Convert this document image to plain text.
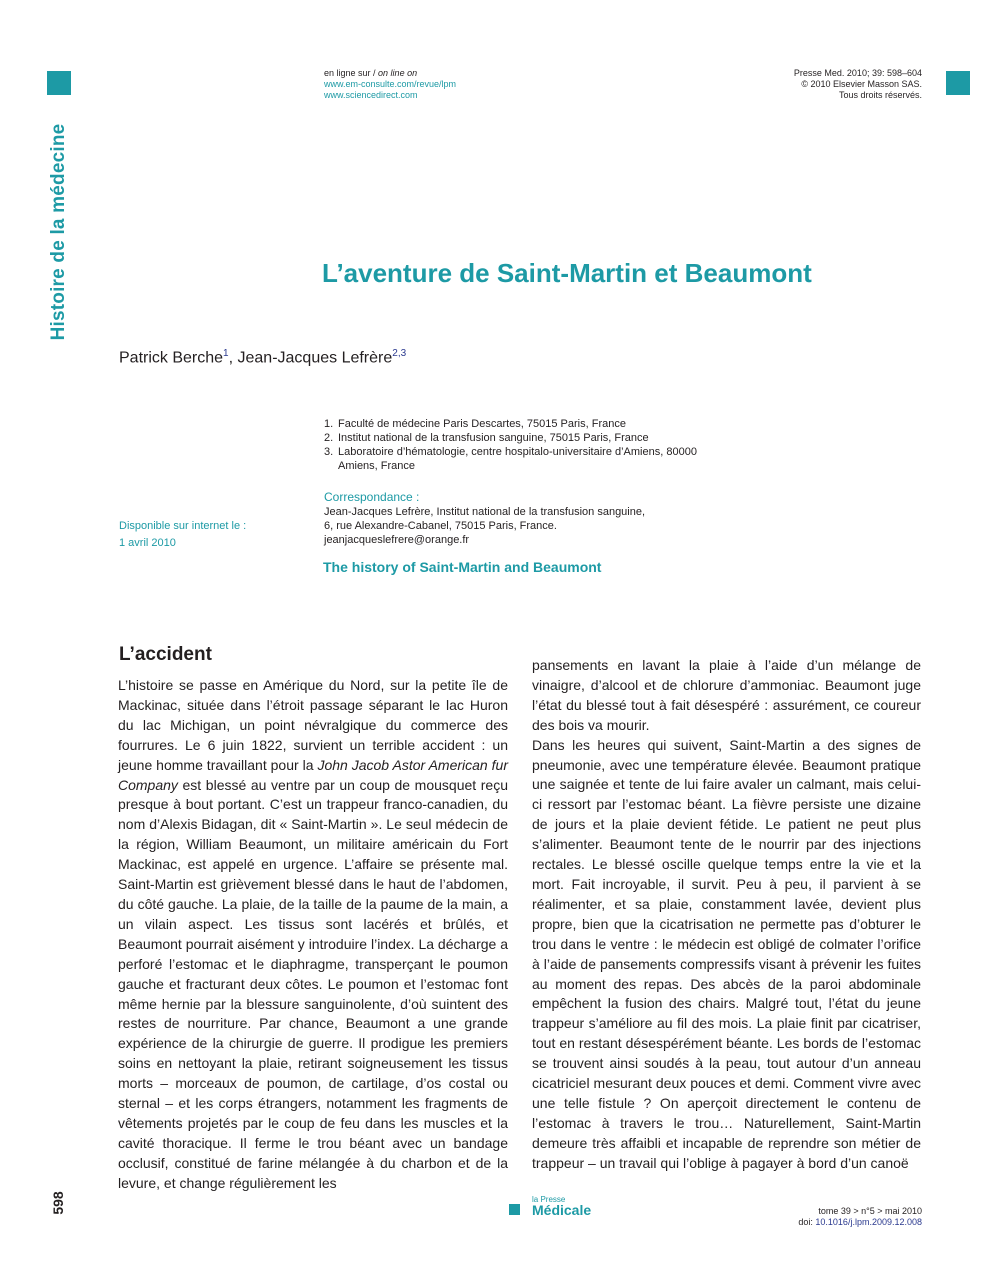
Histoire de la médecine
en ligne sur / on line on
www.em-consulte.com/revue/lpm
www.sciencedirect.com
Presse Med. 2010; 39: 598–604
© 2010 Elsevier Masson SAS.
Tous droits réservés.
L’aventure de Saint-Martin et Beaumont
Patrick Berche$^1$, Jean-Jacques Lefrère$^{2,3}$
1. Faculté de médecine Paris Descartes, 75015 Paris, France
2. Institut national de la transfusion sanguine, 75015 Paris, France
3. Laboratoire d’hématologie, centre hospitalo-universitaire d’Amiens, 80000 Amiens, France
Correspondance :
Jean-Jacques Lefrère, Institut national de la transfusion sanguine,
6, rue Alexandre-Cabanel, 75015 Paris, France.
jeanjacqueslefrere@orange.fr
Disponible sur internet le :
1 avril 2010
The history of Saint-Martin and Beaumont
L’accident

L’histoire se passe en Amérique du Nord, sur la petite île de Mackinac, située dans l’étroit passage séparant le lac Huron du lac Michigan, un point névralgique du commerce des fourrures. Le 6 juin 1822, survient un terrible accident : un jeune homme travaillant pour la John Jacob Astor American fur Company est blessé au ventre par un coup de mousquet reçu presque à bout portant. C’est un trappeur franco-canadien, du nom d’Alexis Bidagan, dit « Saint-Martin ». Le seul médecin de la région, William Beaumont, un militaire américain du Fort Mackinac, est appelé en urgence. L’affaire se présente mal. Saint-Martin est grièvement blessé dans le haut de l’abdomen, du côté gauche. La plaie, de la taille de la paume de la main, a un vilain aspect. Les tissus sont lacérés et brûlés, et Beaumont pourrait aisément y introduire l’index. La décharge a perforé l’estomac et le diaphragme, transperçant le poumon gauche et fracturant deux côtes. Le poumon et l’estomac font même hernie par la blessure sanguinolente, d’où suintent des restes de nourriture. Par chance, Beaumont a une grande expérience de la chirurgie de guerre. Il prodigue les premiers soins en nettoyant la plaie, retirant soigneusement les tissus morts – morceaux de poumon, de cartilage, d’os costal ou sternal – et les corps étrangers, notamment les fragments de vêtements projetés par le coup de feu dans les muscles et la cavité thoracique. Il ferme le trou béant avec un bandage occlusif, constitué de farine mélangée à du charbon et de la levure, et change régulièrement les

pansements en lavant la plaie à l’aide d’un mélange de vinaigre, d’alcool et de chlorure d’ammoniac. Beaumont juge l’état du blessé tout à fait désespéré : assurément, ce coureur des bois va mourir.

Dans les heures qui suivent, Saint-Martin a des signes de pneumonie, avec une température élevée. Beaumont pratique une saignée et tente de lui faire avaler un calmant, mais celui-ci ressort par l’estomac béant. La fièvre persiste une dizaine de jours et la plaie devient fétide. Le patient ne peut plus s’alimenter. Beaumont tente de le nourrir par des injections rectales. Le blessé oscille quelque temps entre la vie et la mort. Fait incroyable, il survit. Peu à peu, il parvient à se réalimenter, et sa plaie, constamment lavée, devient plus propre, bien que la cicatrisation ne permette pas d’obturer le trou dans le ventre : le médecin est obligé de colmater l’orifice à l’aide de pansements compressifs visant à prévenir les fuites au moment des repas. Des abcès de la paroi abdominale empêchent la fusion des chairs. Malgré tout, l’état du jeune trappeur s’améliore au fil des mois. La plaie finit par cicatriser, tout en restant désespérément béante. Les bords de l’estomac se trouvent ainsi soudés à la peau, tout autour d’un anneau cicatriciel mesurant deux pouces et demi. Comment vivre avec une telle fistule ? On aperçoit directement le contenu de l’estomac à travers le trou… Naturellement, Saint-Martin demeure très affaibli et incapable de reprendre son métier de trappeur – un travail qui l’oblige à pagayer à bord d’un canoë

598	la Presse
Médicale	tome 39 > n°5 > mai 2010
doi: 10.1016/j.lpm.2009.12.008
